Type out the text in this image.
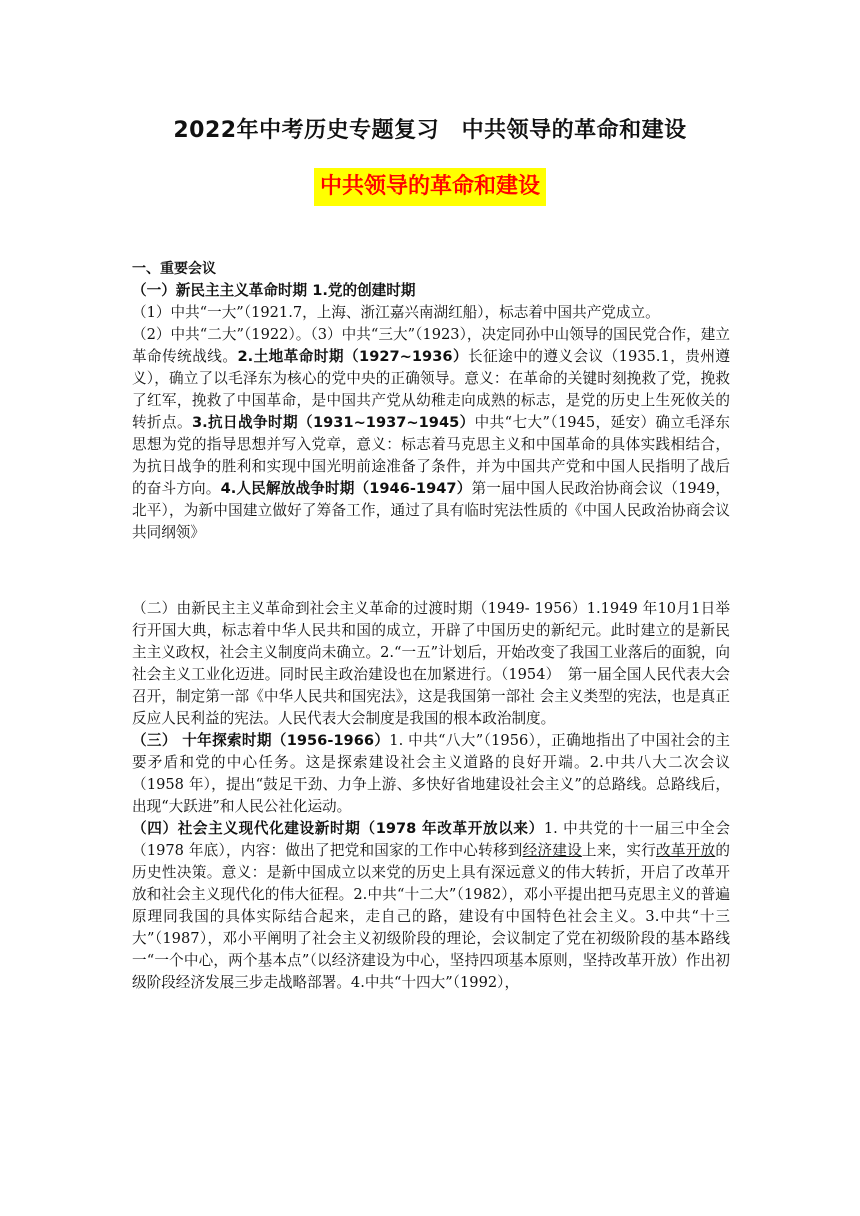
2022年中考历史专题复习　中共领导的革命和建设
中共领导的革命和建设

一、重要会议

（一）新民主主义革命时期 1.党的创建时期

（1）中共“一大”（1921.7，上海、浙江嘉兴南湖红船），标志着中国共产党成立。

（2）中共“二大”（1922）。（3）中共“三大”（1923），决定同孙中山领导的国民党合作，建立革命传统战线。2.土地革命时期（1927~1936）长征途中的遵义会议（1935.1，贵州遵义），确立了以毛泽东为核心的党中央的正确领导。意义：在革命的关键时刻挽救了党，挽救了红军，挽救了中国革命，是中国共产党从幼稚走向成熟的标志，是党的历史上生死攸关的转折点。3.抗日战争时期（1931~1937~1945）中共“七大”（1945，延安）确立毛泽东思想为党的指导思想并写入党章，意义：标志着马克思主义和中国革命的具体实践相结合，为抗日战争的胜利和实现中国光明前途准备了条件，并为中国共产党和中国人民指明了战后的奋斗方向。4.人民解放战争时期（1946-1947）第一届中国人民政治协商会议（1949，北平），为新中国建立做好了筹备工作，通过了具有临时宪法性质的《中国人民政治协商会议共同纲领》

（二）由新民主主义革命到社会主义革命的过渡时期（1949- 1956）1.1949 年10月1日举行开国大典，标志着中华人民共和国的成立，开辟了中国历史的新纪元。此时建立的是新民主主义政权，社会主义制度尚未确立。2.“一五”计划后，开始改变了我国工业落后的面貌，向社会主义工业化迈进。同时民主政治建设也在加紧进行。（1954）　第一届全国人民代表大会召开，制定第一部《中华人民共和国宪法》，这是我国第一部社 会主义类型的宪法，也是真正反应人民利益的宪法。人民代表大会制度是我国的根本政治制度。

（三） 十年探索时期（1956-1966）1. 中共“八大”（1956），正确地指出了中国社会的主要矛盾和党的中心任务。这是探索建设社会主义道路的良好开端。2.中共八大二次会议（1958 年），提出“鼓足干劲、力争上游、多快好省地建设社会主义”的总路线。总路线后，出现“大跃进”和人民公社化运动。

（四）社会主义现代化建设新时期（1978 年改革开放以来）1. 中共党的十一届三中全会（1978 年底），内容：做出了把党和国家的工作中心转移到经济建设上来，实行改革开放的历史性决策。意义：是新中国成立以来党的历史上具有深远意义的伟大转折，开启了改革开放和社会主义现代化的伟大征程。2.中共“十二大”（1982），邓小平提出把马克思主义的普遍原理同我国的具体实际结合起来，走自己的路，建设有中国特色社会主义。3.中共“十三大”（1987），邓小平阐明了社会主义初级阶段的理论，会议制定了党在初级阶段的基本路线一“一个中心，两个基本点”（以经济建设为中心，坚持四项基本原则，坚持改革开放）作出初级阶段经济发展三步走战略部署。4.中共“十四大”（1992），
